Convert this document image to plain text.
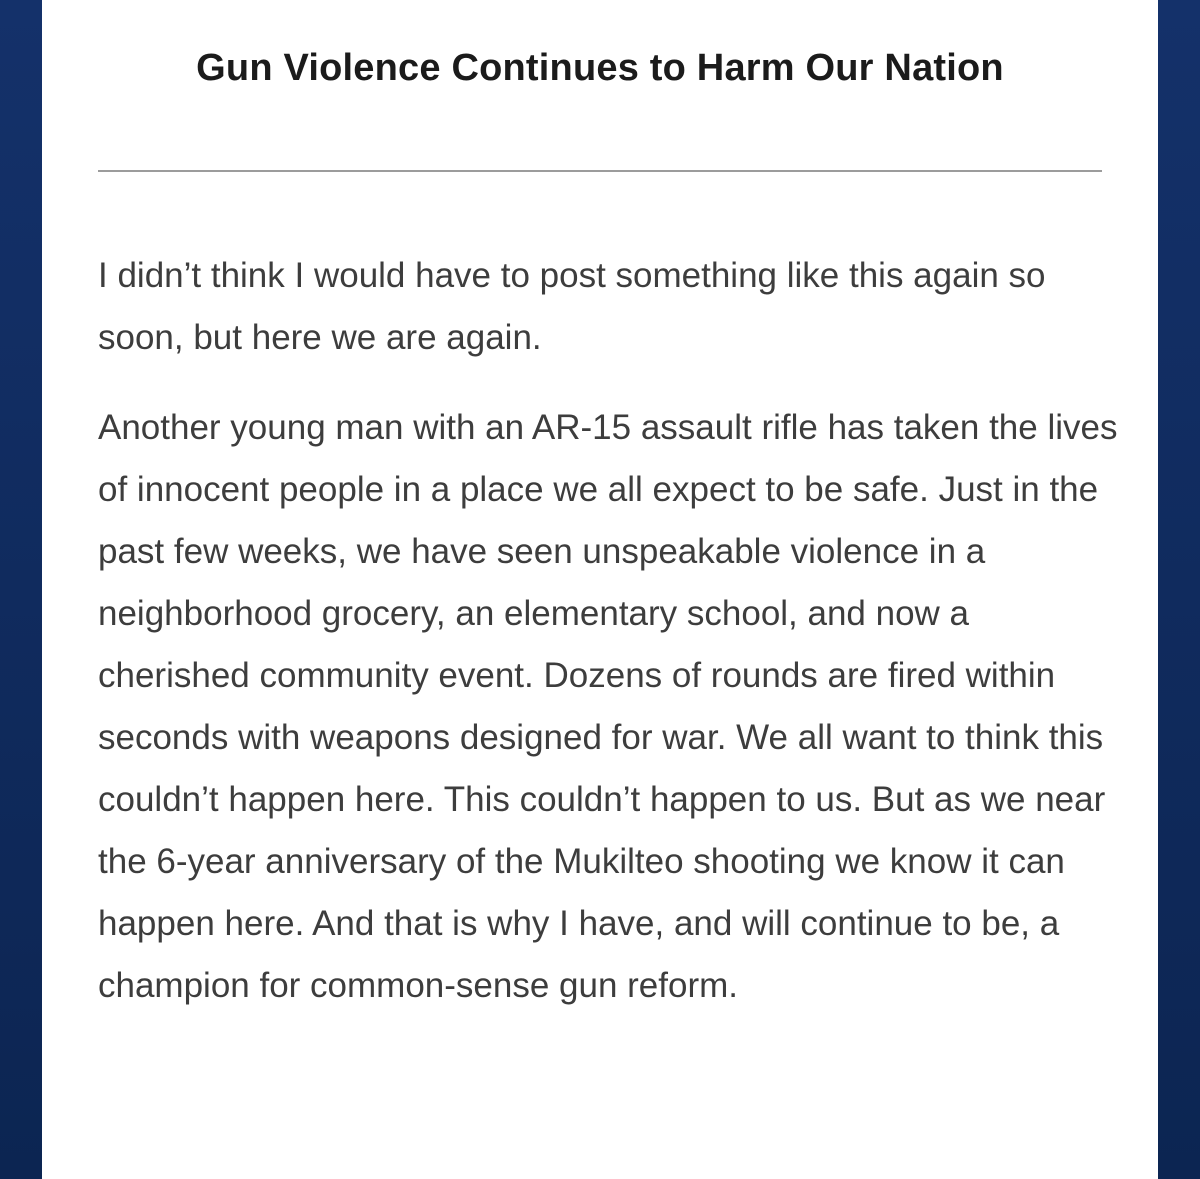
Gun Violence Continues to Harm Our Nation

I didn’t think I would have to post something like this again so soon, but here we are again.

Another young man with an AR-15 assault rifle has taken the lives of innocent people in a place we all expect to be safe. Just in the past few weeks, we have seen unspeakable violence in a neighborhood grocery, an elementary school, and now a cherished community event. Dozens of rounds are fired within seconds with weapons designed for war. We all want to think this couldn’t happen here. This couldn’t happen to us. But as we near the 6-year anniversary of the Mukilteo shooting we know it can happen here. And that is why I have, and will continue to be, a champion for common-sense gun reform.
